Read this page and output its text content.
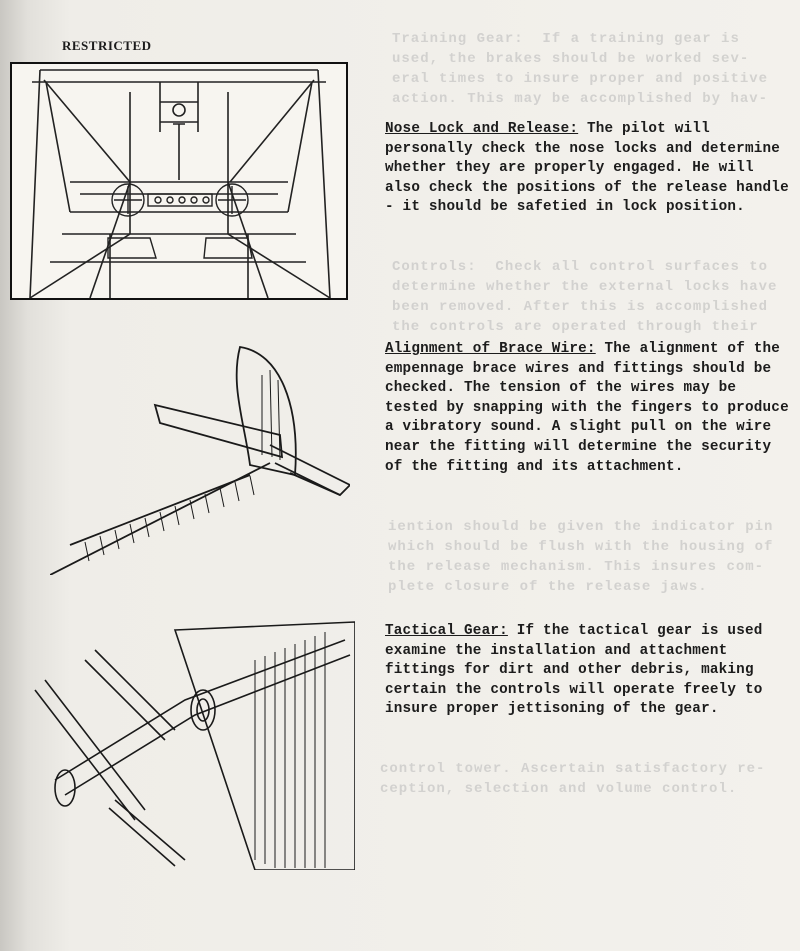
Training Gear:  If a training gear is
used, the brakes should be worked sev-
eral times to insure proper and positive
action. This may be accomplished by hav-
Controls:  Check all control surfaces to
determine whether the external locks have
been removed. After this is accomplished
the controls are operated through their
iention should be given the indicator pin
which should be flush with the housing of
the release mechanism. This insures com-
plete closure of the release jaws.
control tower. Ascertain satisfactory re-
ception, selection and volume control.
RESTRICTED
Nose Lock and Release: The pilot will personally check the nose locks and determine whether they are properly engaged. He will also check the positions of the release handle - it should be safetied in lock position.
Alignment of Brace Wire: The alignment of the empennage brace wires and fittings should be checked. The tension of the wires may be tested by snapping with the fingers to produce a vibratory sound. A slight pull on the wire near the fitting will determine the security of the fitting and its attachment.
Tactical Gear: If the tactical gear is used examine the installation and attachment fittings for dirt and other debris, making certain the controls will operate freely to insure proper jettisoning of the gear.
